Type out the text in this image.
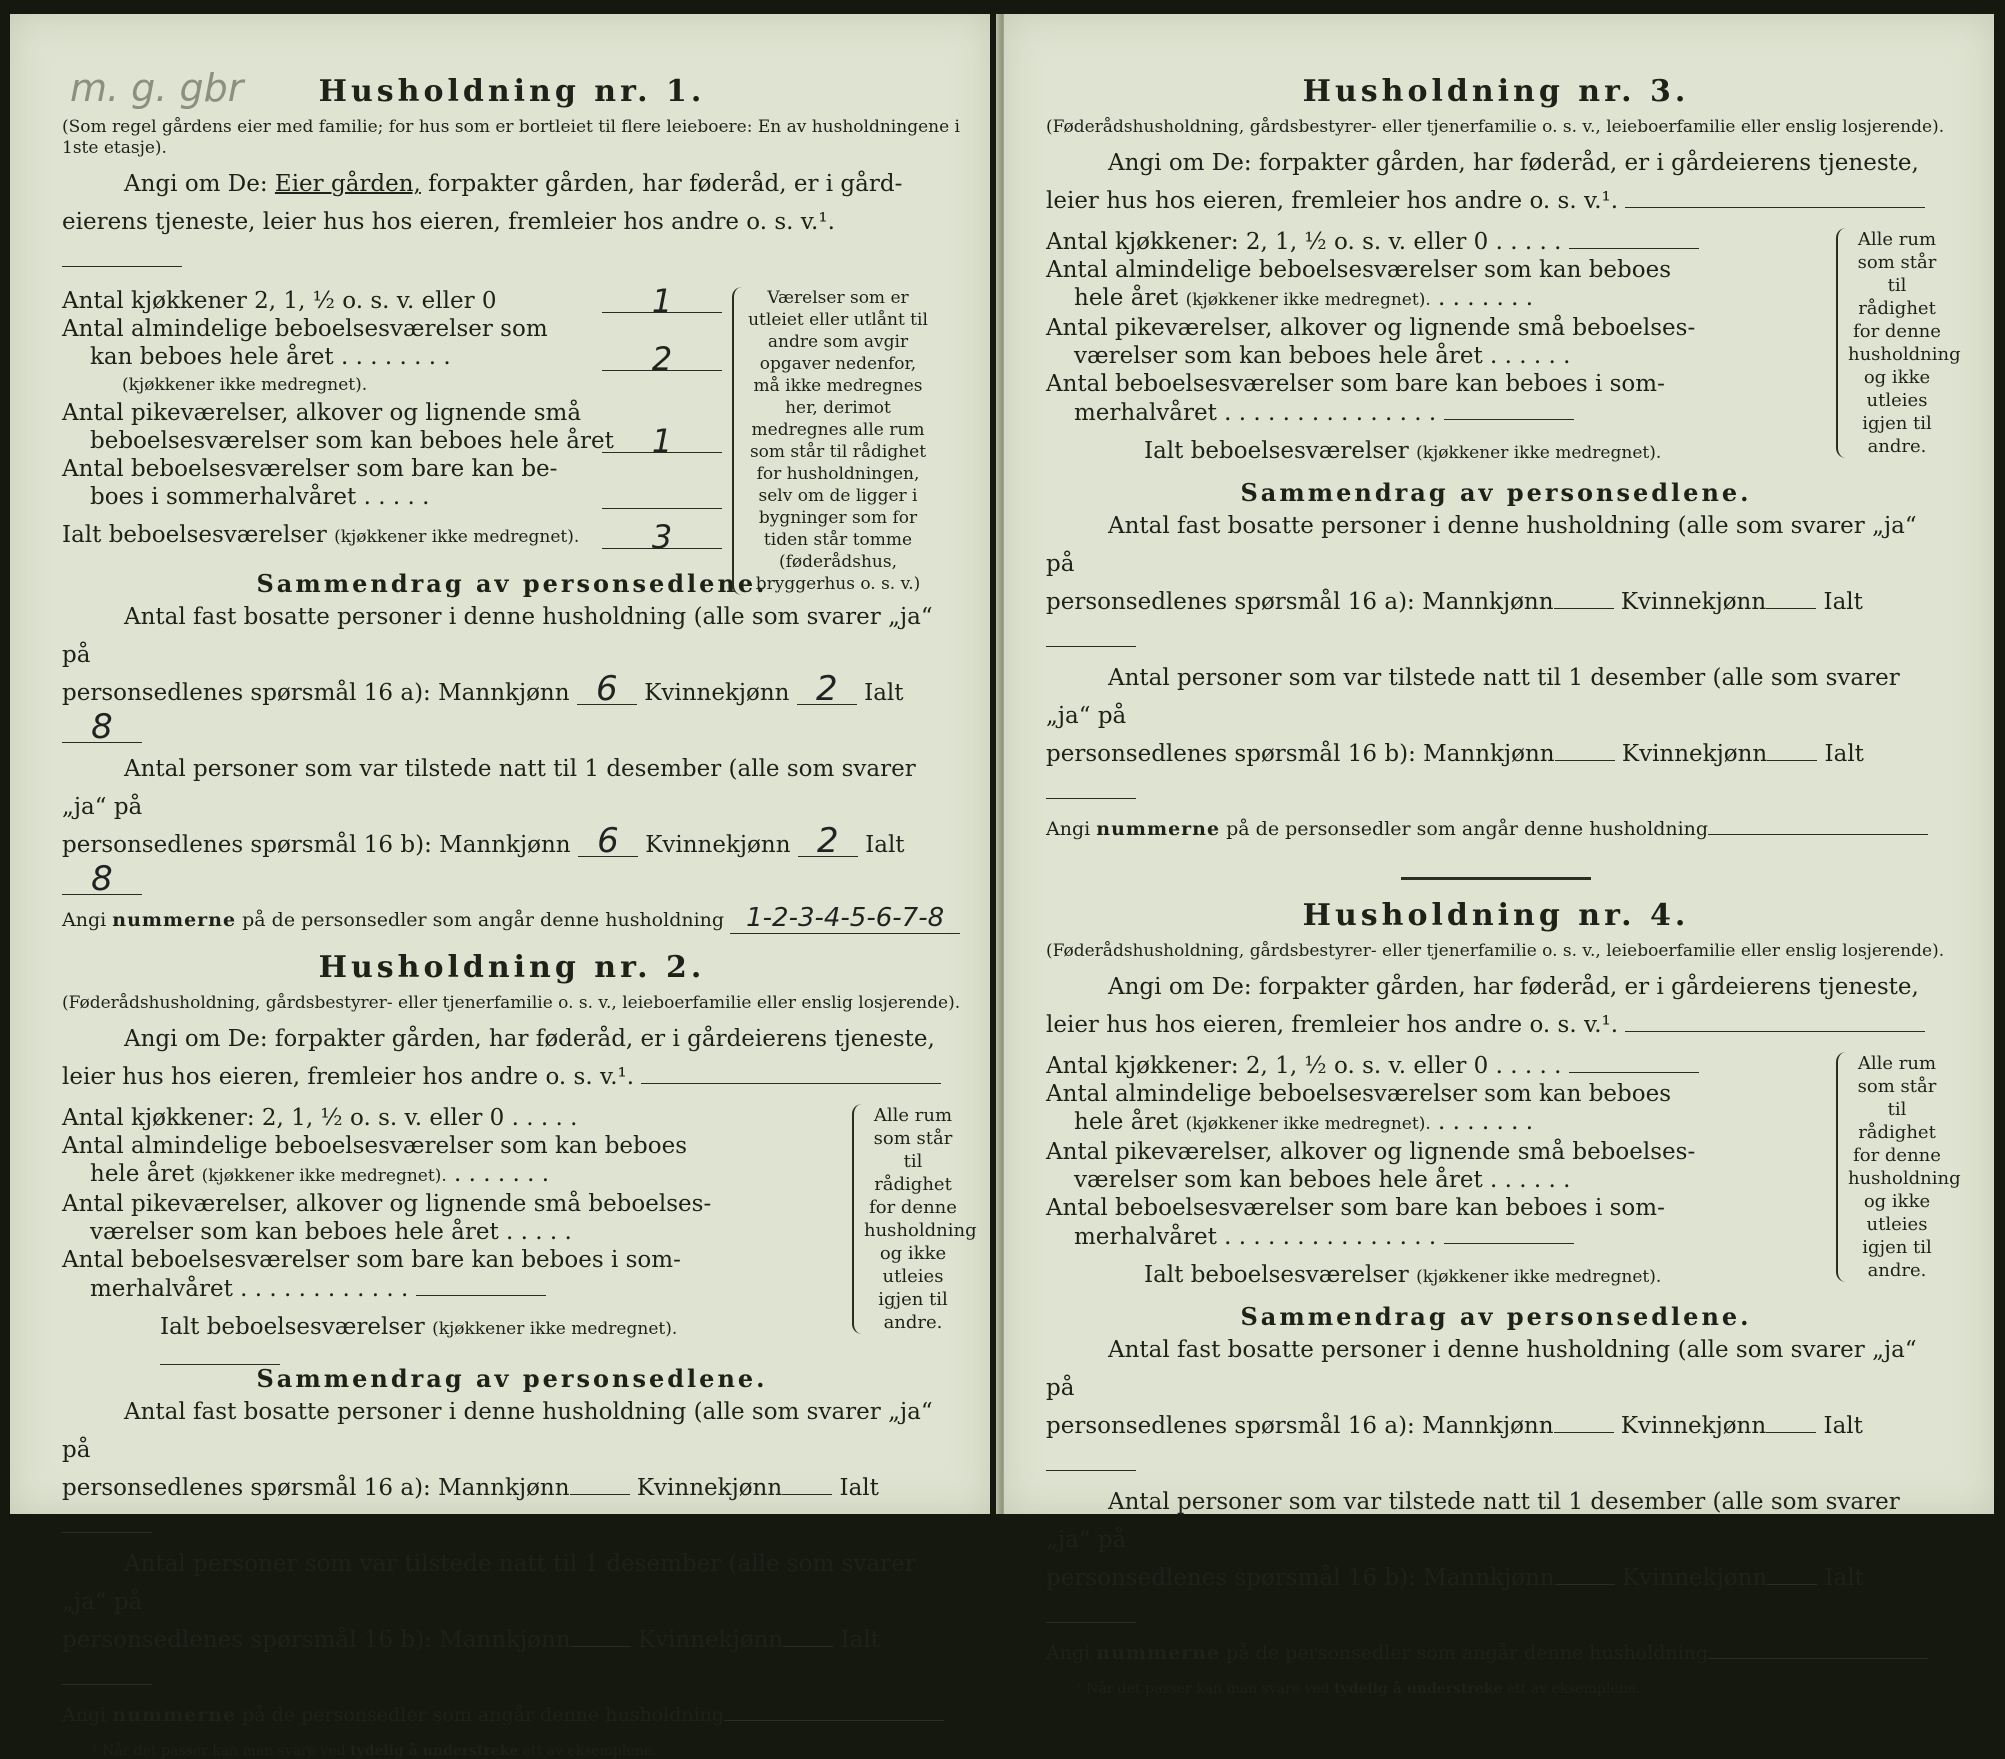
m. g. gbr	Husholdning nr. 1.
(Som regel gårdens eier med familie; for hus som er bortleiet til flere leieboere: En av husholdningene i 1ste etasje).
Angi om De: Eier gården, forpakter gården, har føderåd, er i gård-
eierens tjeneste, leier hus hos eieren, fremleier hos andre o. s. v.¹.
Antal kjøkkener 2, 1, ½ o. s. v. eller 0	1
Antal almindelige beboelsesværelser som
kan beboes hele året . . . . . . . .
(kjøkkener ikke medregnet).
2
Antal pikeværelser, alkover og lignende små
beboelsesværelser som kan beboes hele året	1
Antal beboelsesværelser som bare kan be-
boes i sommerhalvåret . . . . .
Ialt beboelsesværelser (kjøkkener ikke medregnet).	3
Værelser som er utleiet eller utlånt til andre som avgir opgaver nedenfor, må ikke medregnes her, derimot medregnes alle rum som står til rådighet for husholdningen, selv om de ligger i bygninger som for tiden står tomme (føderådshus, bryggerhus o. s. v.)
Sammendrag av personsedlene.
Antal fast bosatte personer i denne husholdning (alle som svarer „ja“ på
personsedlenes spørsmål 16 a): Mannkjønn 6 Kvinnekjønn 2 Ialt 8
Antal personer som var tilstede natt til 1 desember (alle som svarer „ja“ på
personsedlenes spørsmål 16 b): Mannkjønn 6 Kvinnekjønn 2 Ialt 8
Angi nummerne på de personsedler som angår denne husholdning 1-2-3-4-5-6-7-8
Husholdning nr. 2.
(Føderådshusholdning, gårdsbestyrer- eller tjenerfamilie o. s. v., leieboerfamilie eller enslig losjerende).
Angi om De: forpakter gården, har føderåd, er i gårdeierens tjeneste,
leier hus hos eieren, fremleier hos andre o. s. v.¹.
Antal kjøkkener: 2, 1, ½ o. s. v. eller 0 . . . . .
Antal almindelige beboelsesværelser som kan beboes
hele året (kjøkkener ikke medregnet). . . . . . . .
Antal pikeværelser, alkover og lignende små beboelses-
værelser som kan beboes hele året . . . . .
Antal beboelsesværelser som bare kan beboes i som-
merhalvåret . . . . . . . . . . . .
Ialt beboelsesværelser (kjøkkener ikke medregnet).
Alle rum som står til rådighet for denne husholdning og ikke utleies igjen til andre.
Sammendrag av personsedlene.
Antal fast bosatte personer i denne husholdning (alle som svarer „ja“ på
personsedlenes spørsmål 16 a): Mannkjønn	Kvinnekjønn Ialt
Antal personer som var tilstede natt til 1 desember (alle som svarer „ja“ på
personsedlenes spørsmål 16 b): Mannkjønn	Kvinnekjønn Ialt
Angi nummerne på de personsedler som angår denne husholdning
¹ Når det passer kan man svare ved tydelig å understreke ett av eksemplene.
Husholdning nr. 3.
(Føderådshusholdning, gårdsbestyrer- eller tjenerfamilie o. s. v., leieboerfamilie eller enslig losjerende).
Angi om De: forpakter gården, har føderåd, er i gårdeierens tjeneste,
leier hus hos eieren, fremleier hos andre o. s. v.¹.
Antal kjøkkener: 2, 1, ½ o. s. v. eller 0 . . . . .
Antal almindelige beboelsesværelser som kan beboes
hele året (kjøkkener ikke medregnet). . . . . . . .
Antal pikeværelser, alkover og lignende små beboelses-
værelser som kan beboes hele året . . . . . .
Antal beboelsesværelser som bare kan beboes i som-
merhalvåret . . . . . . . . . . . . . . .
Ialt beboelsesværelser (kjøkkener ikke medregnet).
Alle rum som står til rådighet for denne husholdning og ikke utleies igjen til andre.
Sammendrag av personsedlene.
Antal fast bosatte personer i denne husholdning (alle som svarer „ja“ på
personsedlenes spørsmål 16 a): Mannkjønn	Kvinnekjønn Ialt
Antal personer som var tilstede natt til 1 desember (alle som svarer „ja“ på
personsedlenes spørsmål 16 b): Mannkjønn	Kvinnekjønn Ialt
Angi nummerne på de personsedler som angår denne husholdning
Husholdning nr. 4.
(Føderådshusholdning, gårdsbestyrer- eller tjenerfamilie o. s. v., leieboerfamilie eller enslig losjerende).
Angi om De: forpakter gården, har føderåd, er i gårdeierens tjeneste,
leier hus hos eieren, fremleier hos andre o. s. v.¹.
Antal kjøkkener: 2, 1, ½ o. s. v. eller 0 . . . . .
Antal almindelige beboelsesværelser som kan beboes
hele året (kjøkkener ikke medregnet). . . . . . . .
Antal pikeværelser, alkover og lignende små beboelses-
værelser som kan beboes hele året . . . . . .
Antal beboelsesværelser som bare kan beboes i som-
merhalvåret . . . . . . . . . . . . . . .
Ialt beboelsesværelser (kjøkkener ikke medregnet).
Alle rum som står til rådighet for denne husholdning og ikke utleies igjen til andre.
Sammendrag av personsedlene.
Antal fast bosatte personer i denne husholdning (alle som svarer „ja“ på
personsedlenes spørsmål 16 a): Mannkjønn	Kvinnekjønn Ialt
Antal personer som var tilstede natt til 1 desember (alle som svarer „ja“ på
personsedlenes spørsmål 16 b): Mannkjønn	Kvinnekjønn Ialt
Angi nummerne på de personsedler som angår denne husholdning
¹ Når det passer kan man svare ved tydelig å understreke ett av eksemplene.
